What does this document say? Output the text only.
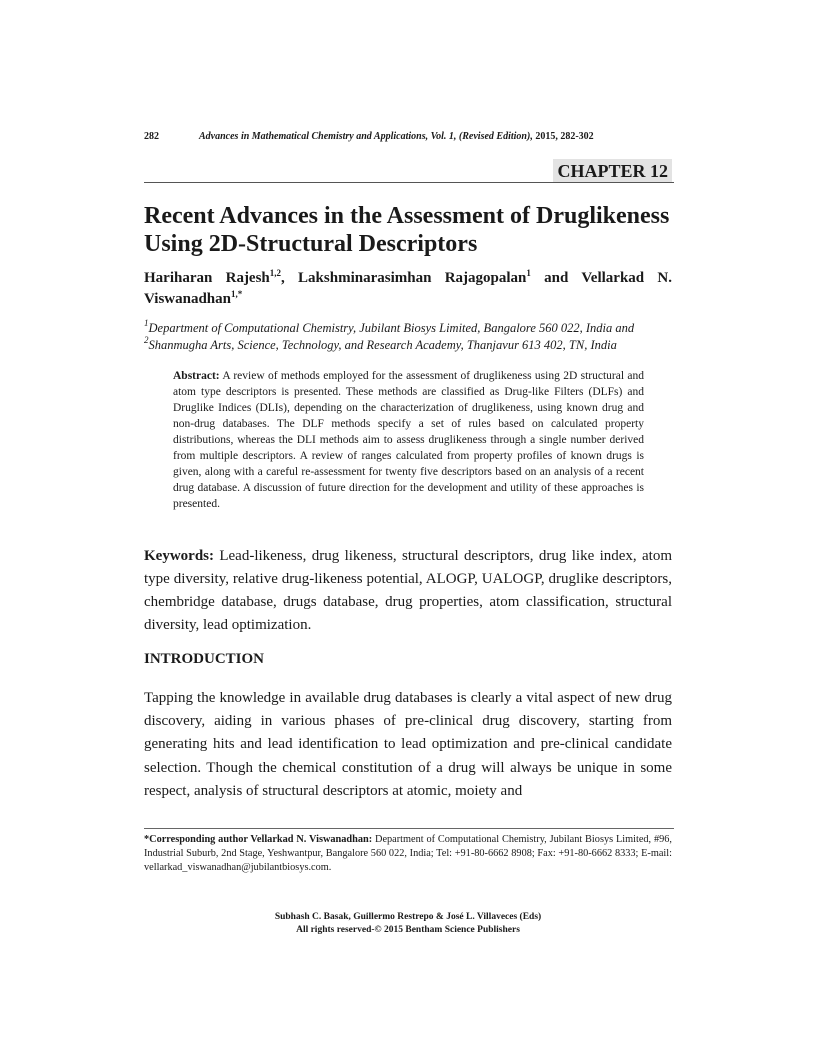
282	Advances in Mathematical Chemistry and Applications, Vol. 1, (Revised Edition), 2015, 282-302
CHAPTER 12
Recent Advances in the Assessment of Druglikeness Using 2D-Structural Descriptors

Hariharan Rajesh$^{1,2}$, Lakshminarasimhan Rajagopalan$^1$ and Vellarkad N.

Viswanadhan$^{1,*}$

$^1$Department of Computational Chemistry, Jubilant Biosys Limited, Bangalore 560 022, India and

$^2$Shanmugha Arts, Science, Technology, and Research Academy, Thanjavur 613 402, TN, India

Abstract: A review of methods employed for the assessment of druglikeness using 2D structural and atom type descriptors is presented. These methods are classified as Drug-like Filters (DLFs) and Druglike Indices (DLIs), depending on the characterization of druglikeness, using known drug and non-drug databases. The DLF methods specify a set of rules based on calculated property distributions, whereas the DLI methods aim to assess druglikeness through a single number derived from multiple descriptors. A review of ranges calculated from property profiles of known drugs is given, along with a careful re-assessment for twenty five descriptors based on an analysis of a recent drug database. A discussion of future direction for the development and utility of these approaches is presented.

Keywords: Lead-likeness, drug likeness, structural descriptors, drug like index, atom type diversity, relative drug-likeness potential, ALOGP, UALOGP, druglike descriptors, chembridge database, drugs database, drug properties, atom classification, structural diversity, lead optimization.

INTRODUCTION

Tapping the knowledge in available drug databases is clearly a vital aspect of new drug discovery, aiding in various phases of pre-clinical drug discovery, starting from generating hits and lead identification to lead optimization and pre-clinical candidate selection. Though the chemical constitution of a drug will always be unique in some respect, analysis of structural descriptors at atomic, moiety and

*Corresponding author Vellarkad N. Viswanadhan: Department of Computational Chemistry, Jubilant Biosys Limited, #96, Industrial Suburb, 2nd Stage, Yeshwantpur, Bangalore 560 022, India; Tel: +91-80-6662 8908; Fax: +91-80-6662 8333; E-mail: vellarkad_viswanadhan@jubilantbiosys.com.

Subhash C. Basak, Guillermo Restrepo & José L. Villaveces (Eds)
All rights reserved-© 2015 Bentham Science Publishers
